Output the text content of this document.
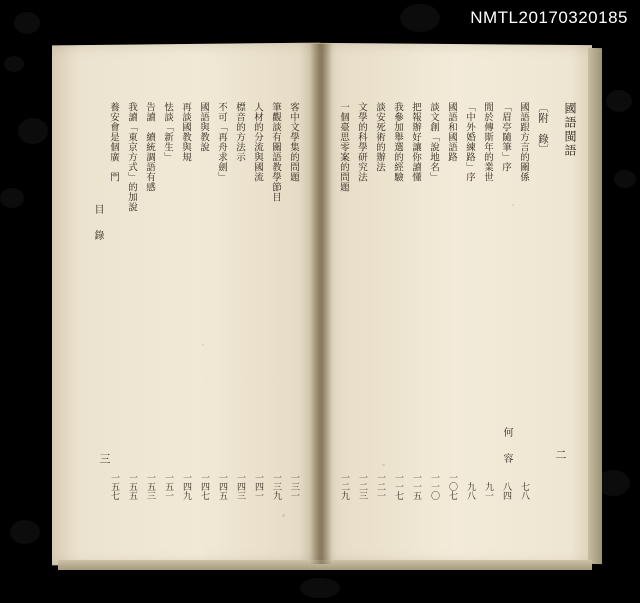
NMTL20170320185
國語閩語
〔附　錄〕
國語跟方言的關係
七八
「眉亭隨筆」序
八四
閒於傳斯年的業世
九一
「中外婚練路」序
九八
國語和國語路
一〇七
談文創「說地名」
一一〇
把報辦好讓你讀懂
一一五
我參加舉選的經驗
一一七
談安死術的辦法
一二一
文學的科學研究法
一二三
一個臺思零案的問題
一二九
何　容	二
客中文學集的問題
一三一
筆觀談有關語教學節目
一三九
人材的分流與國流
一四一
標音的方法示
一四三
不可「再舟求劍」
一四五
國語與教說
一四七
再談國教與規
一四九
怯談「新生」
一五一
告讀　續統調語有感
一五三
我讀「東京方式」的加說
一五五
養安會是個廣　門
一五七
目　錄
三
